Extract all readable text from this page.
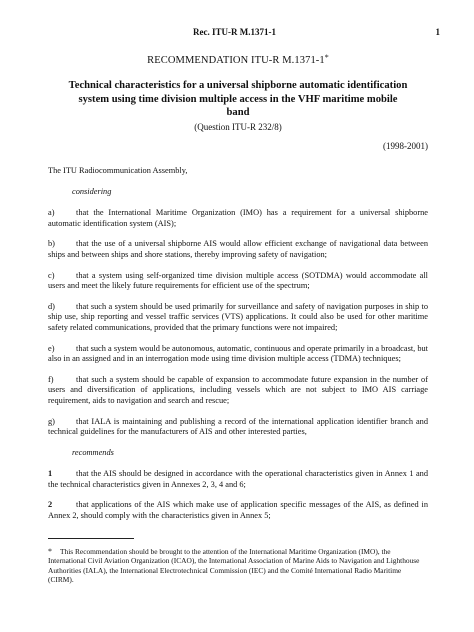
Rec. ITU-R M.1371-1	1
RECOMMENDATION ITU-R M.1371-1*
Technical characteristics for a universal shipborne automatic identification system using time division multiple access in the VHF maritime mobile band
(Question ITU-R 232/8)
(1998-2001)

The ITU Radiocommunication Assembly,

considering

a)	that the International Maritime Organization (IMO) has a requirement for a universal shipborne automatic identification system (AIS);

b)	that the use of a universal shipborne AIS would allow efficient exchange of navigational data between ships and between ships and shore stations, thereby improving safety of navigation;

c)	that a system using self-organized time division multiple access (SOTDMA) would accommodate all users and meet the likely future requirements for efficient use of the spectrum;

d)	that such a system should be used primarily for surveillance and safety of navigation purposes in ship to ship use, ship reporting and vessel traffic services (VTS) applications. It could also be used for other maritime safety related communications, provided that the primary functions were not impaired;

e)	that such a system would be autonomous, automatic, continuous and operate primarily in a broadcast, but also in an assigned and in an interrogation mode using time division multiple access (TDMA) techniques;

f)	that such a system should be capable of expansion to accommodate future expansion in the number of users and diversification of applications, including vessels which are not subject to IMO AIS carriage requirement, aids to navigation and search and rescue;

g)	that IALA is maintaining and publishing a record of the international application identifier branch and technical guidelines for the manufacturers of AIS and other interested parties,

recommends

1	that the AIS should be designed in accordance with the operational characteristics given in Annex 1 and the technical characteristics given in Annexes 2, 3, 4 and 6;

2	that applications of the AIS which make use of application specific messages of the AIS, as defined in Annex 2, should comply with the characteristics given in Annex 5;

* This Recommendation should be brought to the attention of the International Maritime Organization (IMO), the International Civil Aviation Organization (ICAO), the International Association of Marine Aids to Navigation and Lighthouse Authorities (IALA), the International Electrotechnical Commission (IEC) and the Comité International Radio Maritime (CIRM).
